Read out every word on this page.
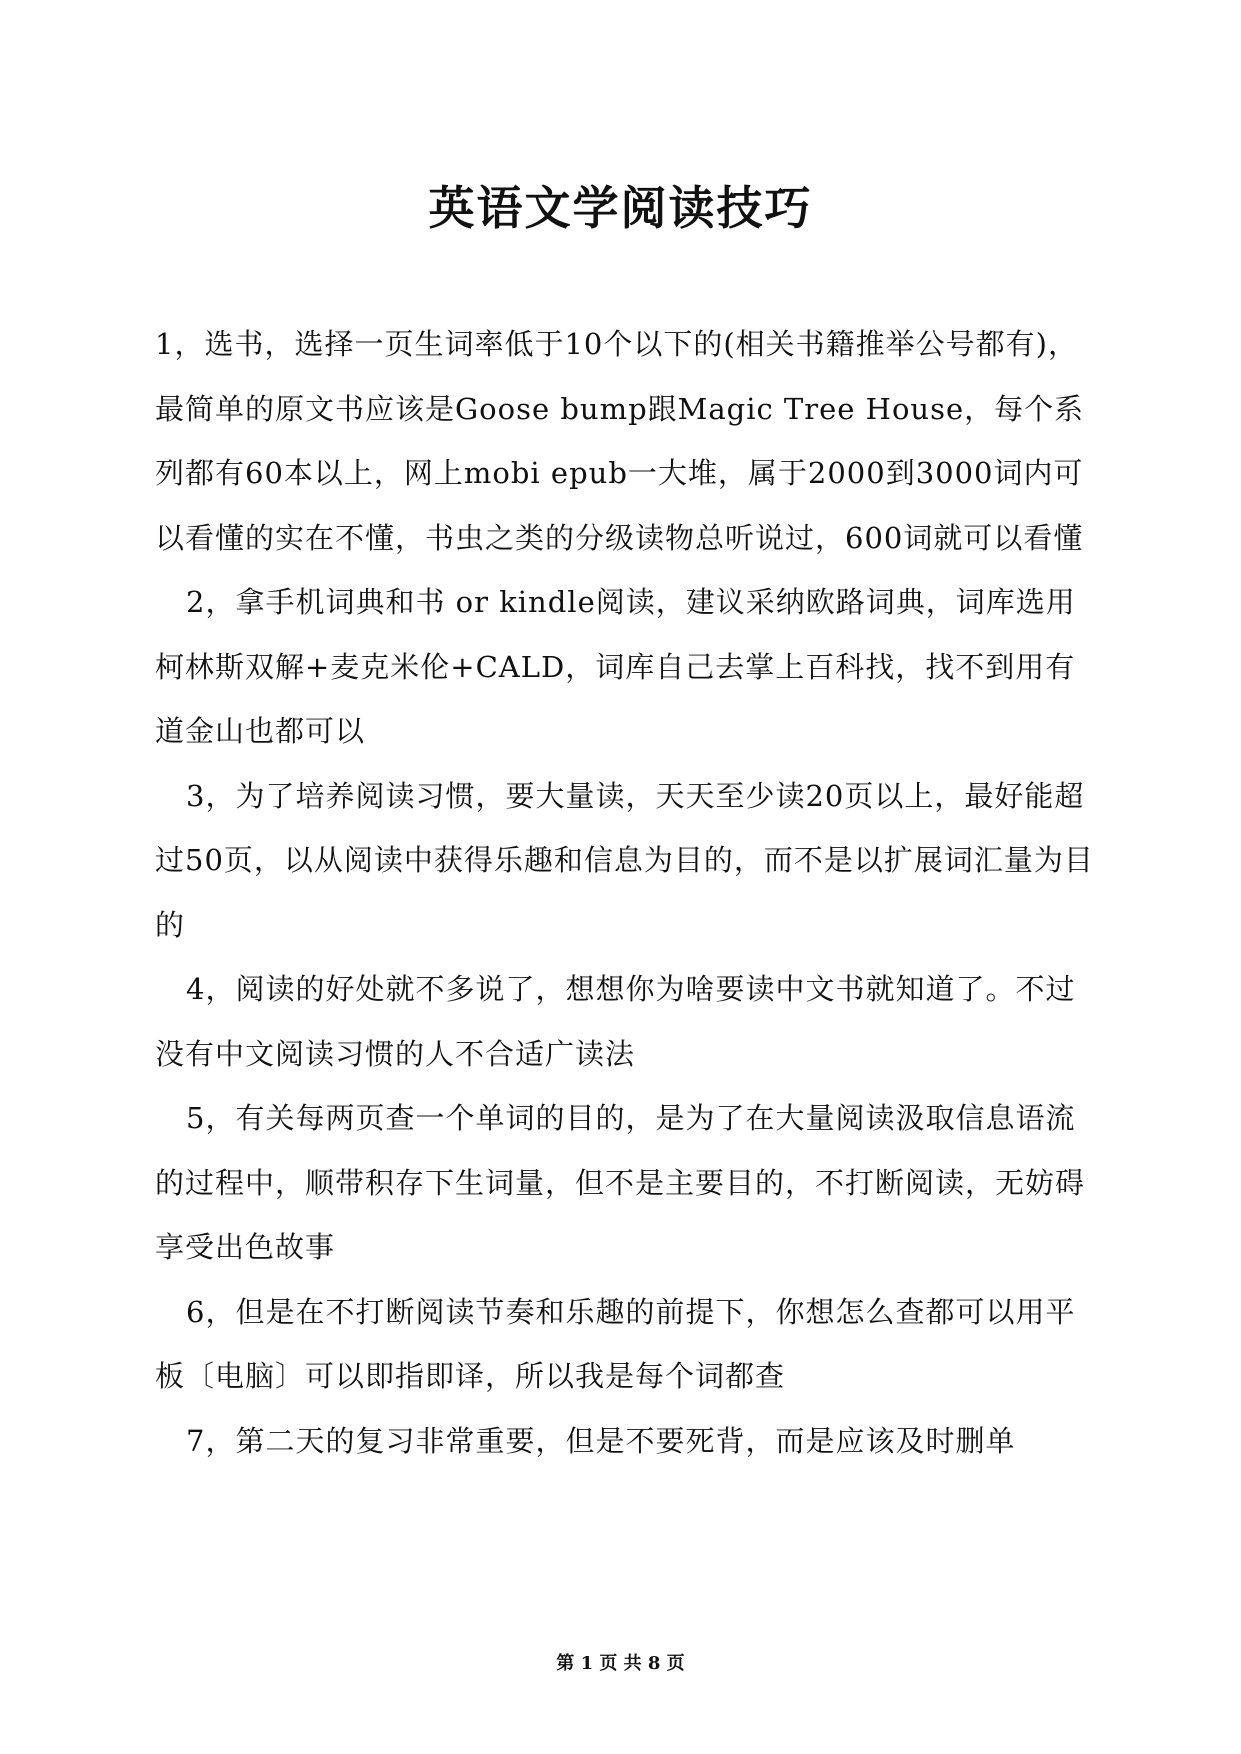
英语文学阅读技巧

1，选书，选择一页生词率低于10个以下的(相关书籍推举公号都有)，最简单的原文书应该是Goose bump跟Magic Tree House，每个系列都有60本以上，网上mobi epub一大堆，属于2000到3000词内可以看懂的实在不懂，书虫之类的分级读物总听说过，600词就可以看懂

2，拿手机词典和书 or kindle阅读，建议采纳欧路词典，词库选用柯林斯双解+麦克米伦+CALD，词库自己去掌上百科找，找不到用有道金山也都可以

3，为了培养阅读习惯，要大量读，天天至少读20页以上，最好能超过50页，以从阅读中获得乐趣和信息为目的，而不是以扩展词汇量为目的

4，阅读的好处就不多说了，想想你为啥要读中文书就知道了。不过没有中文阅读习惯的人不合适广读法

5，有关每两页查一个单词的目的，是为了在大量阅读汲取信息语流的过程中，顺带积存下生词量，但不是主要目的，不打断阅读，无妨碍享受出色故事

6，但是在不打断阅读节奏和乐趣的前提下，你想怎么查都可以用平板〔电脑〕可以即指即译，所以我是每个词都查

7，第二天的复习非常重要，但是不要死背，而是应该及时删单

第 1 页 共 8 页
